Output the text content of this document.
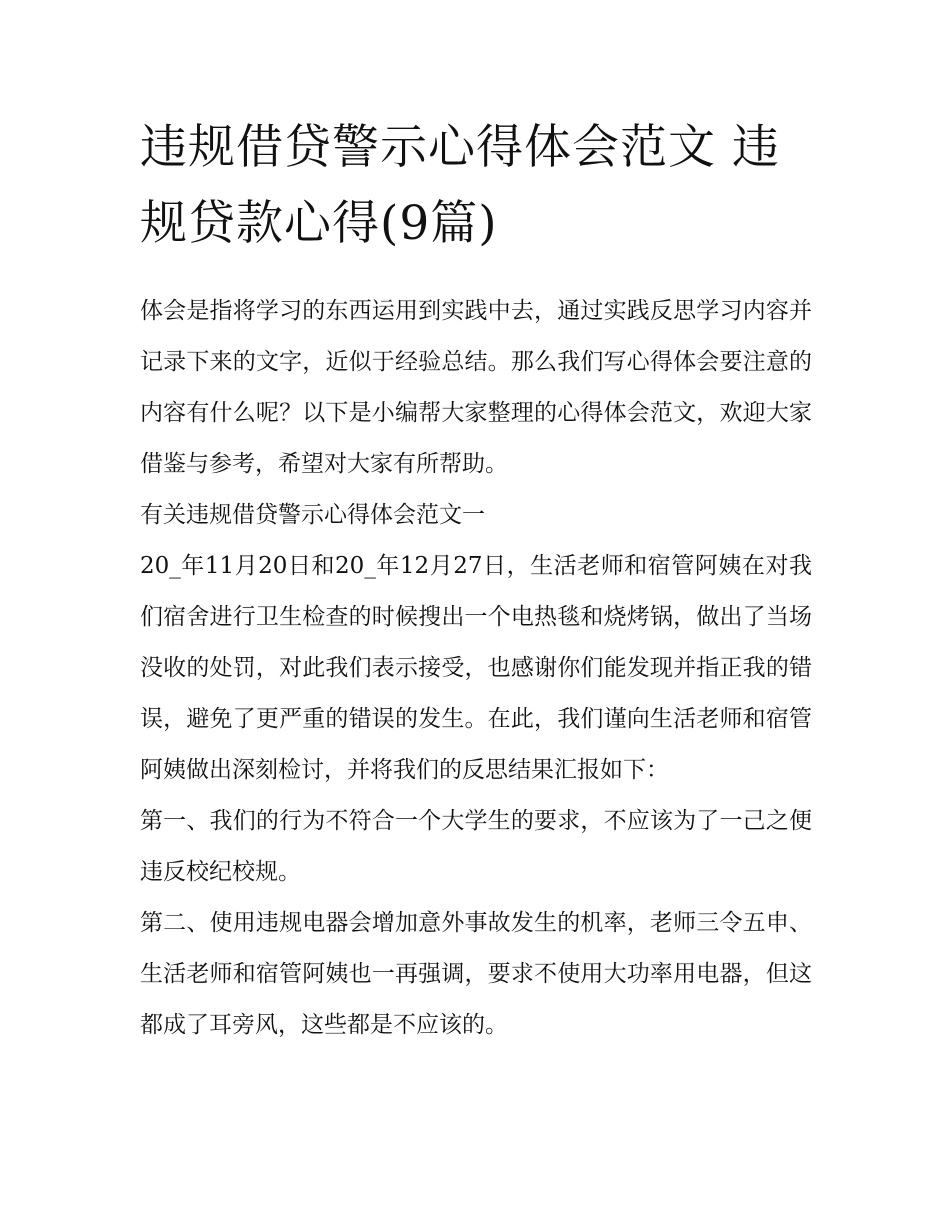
违规借贷警示心得体会范文 违规贷款心得(9篇)

体会是指将学习的东西运用到实践中去，通过实践反思学习内容并记录下来的文字，近似于经验总结。那么我们写心得体会要注意的内容有什么呢？以下是小编帮大家整理的心得体会范文，欢迎大家借鉴与参考，希望对大家有所帮助。

有关违规借贷警示心得体会范文一

20_年11月20日和20_年12月27日，生活老师和宿管阿姨在对我们宿舍进行卫生检查的时候搜出一个电热毯和烧烤锅，做出了当场没收的处罚，对此我们表示接受，也感谢你们能发现并指正我的错误，避免了更严重的错误的发生。在此，我们谨向生活老师和宿管阿姨做出深刻检讨，并将我们的反思结果汇报如下：

第一、我们的行为不符合一个大学生的要求，不应该为了一己之便违反校纪校规。

第二、使用违规电器会增加意外事故发生的机率，老师三令五申、生活老师和宿管阿姨也一再强调，要求不使用大功率用电器，但这都成了耳旁风，这些都是不应该的。
